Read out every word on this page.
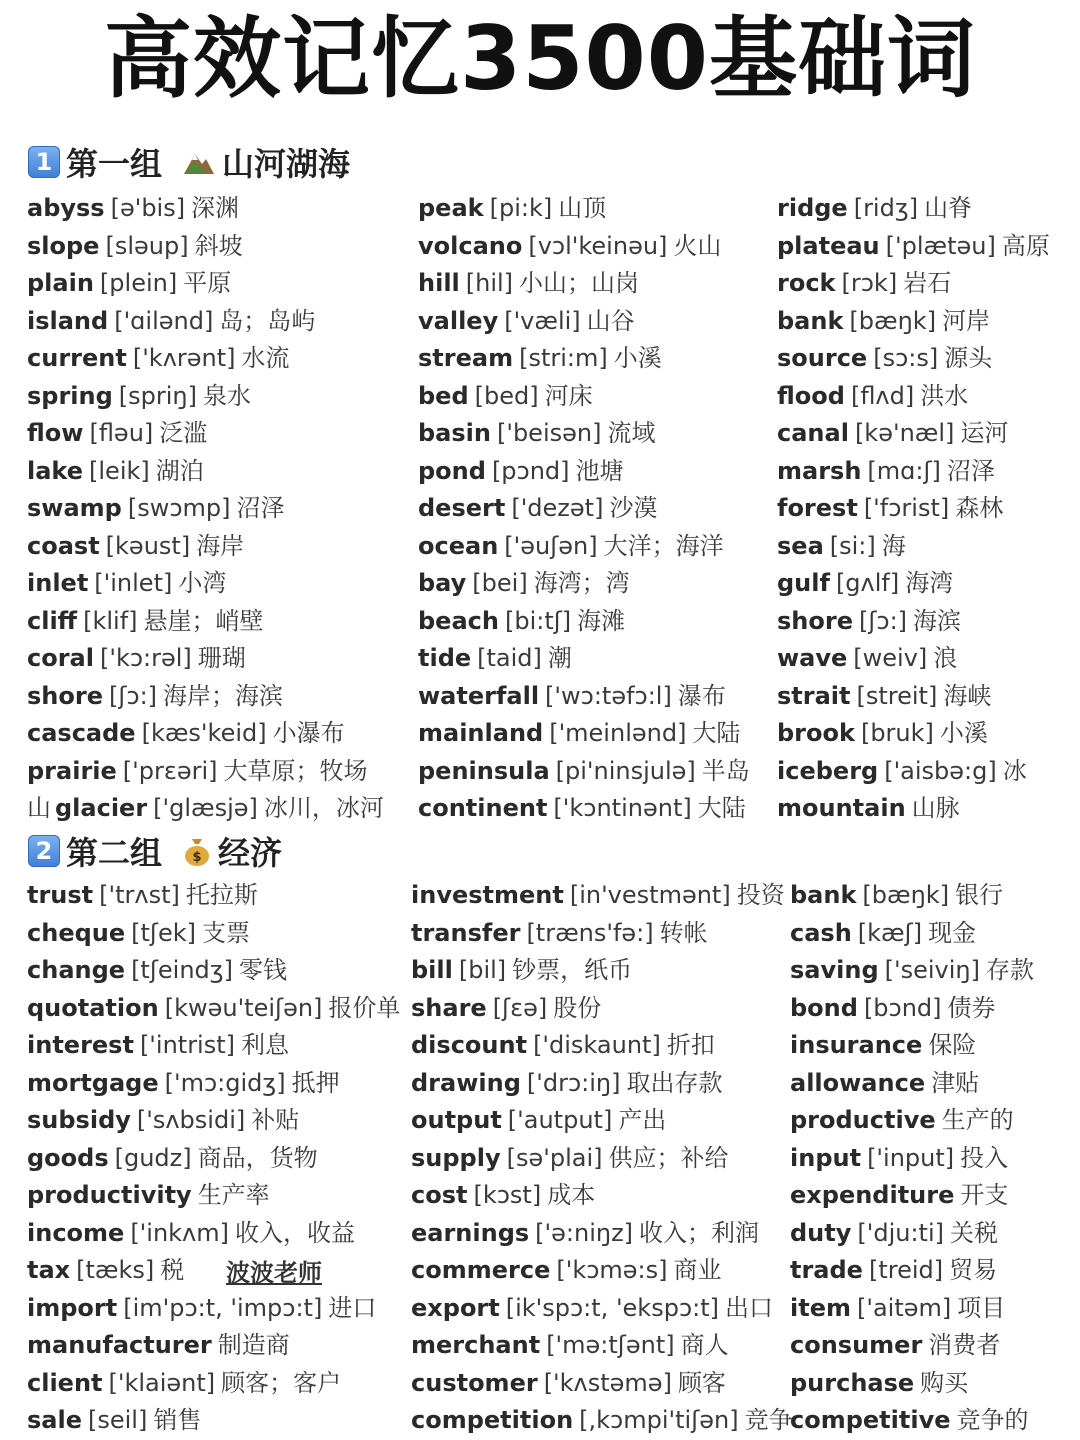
高效记忆3500基础词
1 第一组 山河湖海
2 第二组 $ 经济
abyss [ə'bis] 深渊
slope [sləup] 斜坡
plain [plein] 平原
island ['ɑilənd] 岛；岛屿
current ['kʌrənt] 水流
spring [spriŋ] 泉水
flow [fləu] 泛滥
lake [leik] 湖泊
swamp [swɔmp] 沼泽
coast [kəust] 海岸
inlet ['inlet] 小湾
cliff [klif] 悬崖；峭壁
coral ['kɔ:rəl] 珊瑚
shore [ʃɔ:] 海岸；海滨
cascade [kæs'keid] 小瀑布
prairie ['prɛəri] 大草原；牧场
山 glacier ['glæsjə] 冰川，冰河
peak [pi:k] 山顶
volcano [vɔl'keinəu] 火山
hill [hil] 小山；山岗
valley ['væli] 山谷
stream [stri:m] 小溪
bed [bed] 河床
basin ['beisən] 流域
pond [pɔnd] 池塘
desert ['dezət] 沙漠
ocean ['əuʃən] 大洋；海洋
bay [bei] 海湾；湾
beach [bi:tʃ] 海滩
tide [taid] 潮
waterfall ['wɔ:təfɔ:l] 瀑布
mainland ['meinlənd] 大陆
peninsula [pi'ninsjulə] 半岛
continent ['kɔntinənt] 大陆
ridge [ridʒ] 山脊
plateau ['plætəu] 高原
rock [rɔk] 岩石
bank [bæŋk] 河岸
source [sɔ:s] 源头
flood [flʌd] 洪水
canal [kə'næl] 运河
marsh [mɑ:ʃ] 沼泽
forest ['fɔrist] 森林
sea [si:] 海
gulf [gʌlf] 海湾
shore [ʃɔ:] 海滨
wave [weiv] 浪
strait [streit] 海峡
brook [bruk] 小溪
iceberg ['aisbə:g] 冰
mountain 山脉
trust ['trʌst] 托拉斯
cheque [tʃek] 支票
change [tʃeindʒ] 零钱
quotation [kwəu'teiʃən] 报价单
interest ['intrist] 利息
mortgage ['mɔ:gidʒ] 抵押
subsidy ['sʌbsidi] 补贴
goods [gudz] 商品，货物
productivity 生产率
income ['inkʌm] 收入，收益
tax [tæks] 税
import [im'pɔ:t, 'impɔ:t] 进口
manufacturer 制造商
client ['klaiənt] 顾客；客户
sale [seil] 销售
investment [in'vestmənt] 投资
transfer [træns'fə:] 转帐
bill [bil] 钞票，纸币
share [ʃɛə] 股份
discount ['diskaunt] 折扣
drawing ['drɔ:iŋ] 取出存款
output ['autput] 产出
supply [sə'plai] 供应；补给
cost [kɔst] 成本
earnings ['ə:niŋz] 收入；利润
commerce ['kɔmə:s] 商业
export [ik'spɔ:t, 'ekspɔ:t] 出口
merchant ['mə:tʃənt] 商人
customer ['kʌstəmə] 顾客
competition [,kɔmpi'tiʃən] 竞争
bank [bæŋk] 银行
cash [kæʃ] 现金
saving ['seiviŋ] 存款
bond [bɔnd] 债券
insurance 保险
allowance 津贴
productive 生产的
input ['input] 投入
expenditure 开支
duty ['dju:ti] 关税
trade [treid] 贸易
item ['aitəm] 项目
consumer 消费者
purchase 购买
competitive 竞争的
波波老师
